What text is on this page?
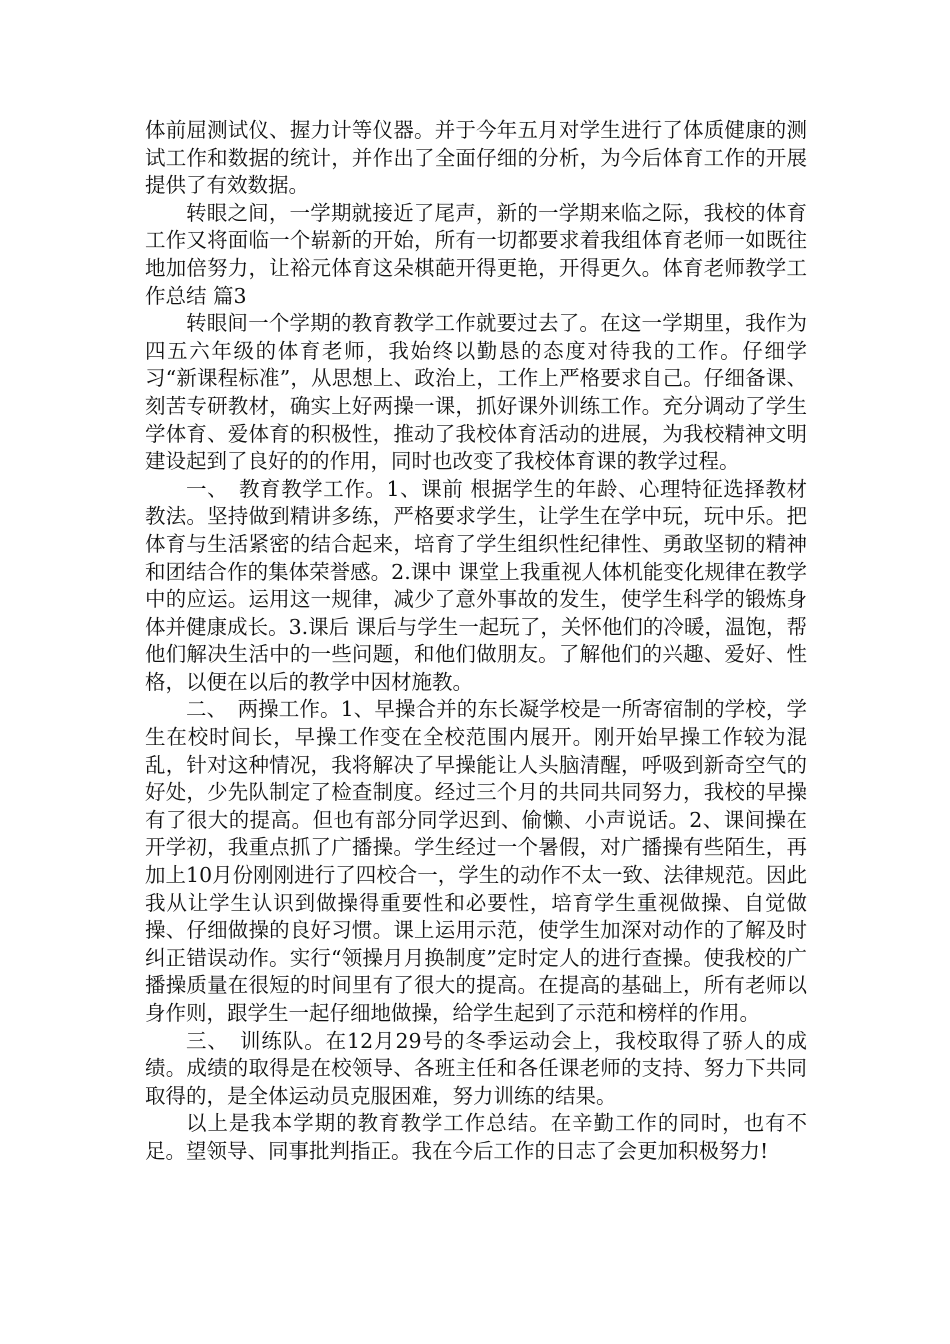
体前屈测试仪、握力计等仪器。并于今年五月对学生进行了体质健康的测试工作和数据的统计，并作出了全面仔细的分析，为今后体育工作的开展提供了有效数据。

转眼之间，一学期就接近了尾声，新的一学期来临之际，我校的体育工作又将面临一个崭新的开始，所有一切都要求着我组体育老师一如既往地加倍努力，让裕元体育这朵棋葩开得更艳，开得更久。体育老师教学工作总结 篇3

转眼间一个学期的教育教学工作就要过去了。在这一学期里，我作为四五六年级的体育老师，我始终以勤恳的态度对待我的工作。仔细学习“新课程标准”，从思想上、政治上，工作上严格要求自己。仔细备课、刻苦专研教材，确实上好两操一课，抓好课外训练工作。充分调动了学生学体育、爱体育的积极性，推动了我校体育活动的进展，为我校精神文明建设起到了良好的的作用，同时也改变了我校体育课的教学过程。

一、　教育教学工作。1、课前 根据学生的年龄、心理特征选择教材教法。坚持做到精讲多练，严格要求学生，让学生在学中玩，玩中乐。把体育与生活紧密的结合起来，培育了学生组织性纪律性、勇敢坚韧的精神和团结合作的集体荣誉感。2.课中 课堂上我重视人体机能变化规律在教学中的应运。运用这一规律，减少了意外事故的发生，使学生科学的锻炼身体并健康成长。3.课后 课后与学生一起玩了，关怀他们的冷暖，温饱，帮他们解决生活中的一些问题，和他们做朋友。了解他们的兴趣、爱好、性格，以便在以后的教学中因材施教。

二、　两操工作。1、早操合并的东长凝学校是一所寄宿制的学校，学生在校时间长，早操工作变在全校范围内展开。刚开始早操工作较为混乱，针对这种情况，我将解决了早操能让人头脑清醒，呼吸到新奇空气的好处，少先队制定了检查制度。经过三个月的共同共同努力，我校的早操有了很大的提高。但也有部分同学迟到、偷懒、小声说话。2、课间操在开学初，我重点抓了广播操。学生经过一个暑假，对广播操有些陌生，再加上10月份刚刚进行了四校合一，学生的动作不太一致、法律规范。因此我从让学生认识到做操得重要性和必要性，培育学生重视做操、自觉做操、仔细做操的良好习惯。课上运用示范，使学生加深对动作的了解及时纠正错误动作。实行“领操月月换制度”定时定人的进行查操。使我校的广播操质量在很短的时间里有了很大的提高。在提高的基础上，所有老师以身作则，跟学生一起仔细地做操，给学生起到了示范和榜样的作用。

三、　训练队。在12月29号的冬季运动会上，我校取得了骄人的成绩。成绩的取得是在校领导、各班主任和各任课老师的支持、努力下共同取得的，是全体运动员克服困难，努力训练的结果。

以上是我本学期的教育教学工作总结。在辛勤工作的同时，也有不足。望领导、同事批判指正。我在今后工作的日志了会更加积极努力!
